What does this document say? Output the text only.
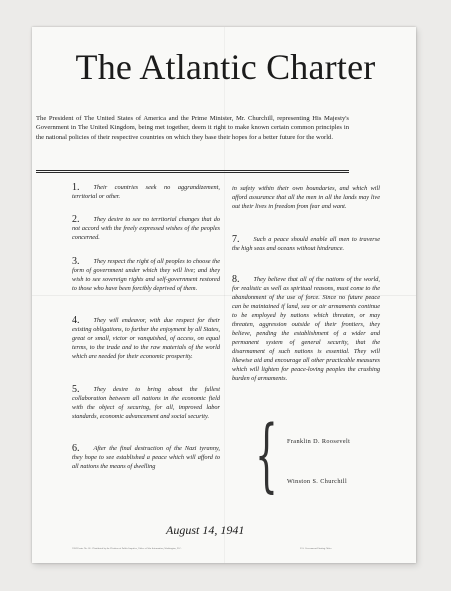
The Atlantic Charter
The President of The United States of America and the Prime Minister, Mr. Churchill, representing His Majesty's Government in The United Kingdom, being met together, deem it right to make known certain common principles in the national policies of their respective countries on which they base their hopes for a better future for the world.
1. Their countries seek no aggrandizement, territorial or other.
2. They desire to see no territorial changes that do not accord with the freely expressed wishes of the peoples concerned.
3. They respect the right of all peoples to choose the form of government under which they will live; and they wish to see sovereign rights and self-government restored to those who have been forcibly deprived of them.
4. They will endeavor, with due respect for their existing obligations, to further the enjoyment by all States, great or small, victor or vanquished, of access, on equal terms, to the trade and to the raw materials of the world which are needed for their economic prosperity.
5. They desire to bring about the fullest collaboration between all nations in the economic field with the object of securing, for all, improved labor standards, economic advancement and social security.
6. After the final destruction of the Nazi tyranny, they hope to see established a peace which will afford to all nations the means of dwelling
in safety within their own boundaries, and which will afford assurance that all the men in all the lands may live out their lives in freedom from fear and want.
7. Such a peace should enable all men to traverse the high seas and oceans without hindrance.
8. They believe that all of the nations of the world, for realistic as well as spiritual reasons, must come to the abandonment of the use of force. Since no future peace can be maintained if land, sea or air armaments continue to be employed by nations which threaten, or may threaten, aggression outside of their frontiers, they believe, pending the establishment of a wider and permanent system of general security, that the disarmament of such nations is essential. They will likewise aid and encourage all other practicable measures which will lighten for peace-loving peoples the crushing burden of armaments.
{ Franklin D. Roosevelt
Winston S. Churchill
August 14, 1941
OWI Poster No. 66 · Distributed by the Division of Public Inquiries, Office of War Information, Washington, D.C.	U.S. Government Printing Office
